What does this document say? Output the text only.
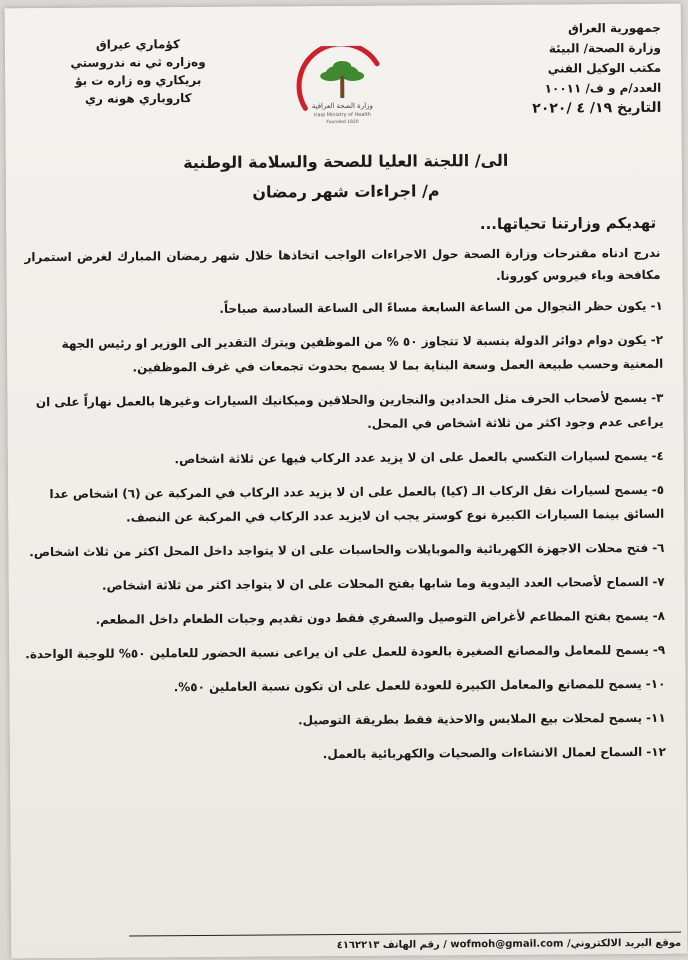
جمهورية العراق
وزارة الصحة/ البيئة
مكتب الوكيل الفني
العدد/م و ف/ ١٠٠١١
التاريخ ١٩/ ٤ /٢٠٢٠
كؤماري عيراق
وه‌زاره‌ ثي نه‌ ندروستي
بريكاري وه‌ زاره‌ ت بؤ
كاروباري هونه‌ ري
وزارة الصحة العراقية
Iraqi Ministry of Health
Founded 1920
الى/ اللجنة العليا للصحة والسلامة الوطنية
م/ اجراءات شهر رمضان
تهديكم وزارتنا تحياتها...
ندرج ادناه مقترحات وزارة الصحة حول الاجراءات الواجب اتخاذها خلال شهر رمضان المبارك لغرض استمرار مكافحة وباء فيروس كورونا.
١-يكون حظر التجوال من الساعة السابعة مساءً الى الساعة السادسة صباحاً.
٢-يكون دوام دوائر الدولة بنسبة لا تتجاوز ٥٠ % من الموظفين ويترك التقدير الى الوزير او رئيس الجهة المعنية وحسب طبيعة العمل وسعة البناية بما لا يسمح بحدوث تجمعات في غرف الموظفين.
٣-يسمح لأصحاب الحرف مثل الحدادين والنجارين والحلاقين وميكانيك السيارات وغيرها بالعمل نهاراً على ان يراعى عدم وجود اكثر من ثلاثة اشخاص في المحل.
٤-يسمح لسيارات التكسي بالعمل على ان لا يزيد عدد الركاب فيها عن ثلاثة اشخاص.
٥-يسمح لسيارات نقل الركاب الـ (كيا) بالعمل على ان لا يزيد عدد الركاب في المركبة عن (٦) اشخاص عدا السائق بينما السيارات الكبيرة نوع كوستر يجب ان لايزيد عدد الركاب في المركبة عن النصف.
٦-فتح محلات الاجهزة الكهربائية والموبايلات والحاسبات على ان لا يتواجد داخل المحل اكثر من ثلاث اشخاص.
٧-السماح لأصحاب العدد اليدوية وما شابها بفتح المحلات على ان لا يتواجد اكثر من ثلاثة اشخاص.
٨-يسمح بفتح المطاعم لأغراض التوصيل والسفري فقط دون تقديم وجبات الطعام داخل المطعم.
٩-يسمح للمعامل والمصانع الصغيرة بالعودة للعمل على ان يراعى نسبة الحضور للعاملين ٥٠% للوجبة الواحدة.
١٠-يسمح للمصانع والمعامل الكبيرة للعودة للعمل على ان تكون نسبة العاملين ٥٠%.
١١-يسمح لمحلات بيع الملابس والاحذية فقط بطريقة التوصيل.
١٢-السماح لعمال الانشاءات والصحيات والكهربائية بالعمل.
موقع البريد الالكتروني/ wofmoh@gmail.com / رقم الهاتف ٤١٦٢٢١٣
